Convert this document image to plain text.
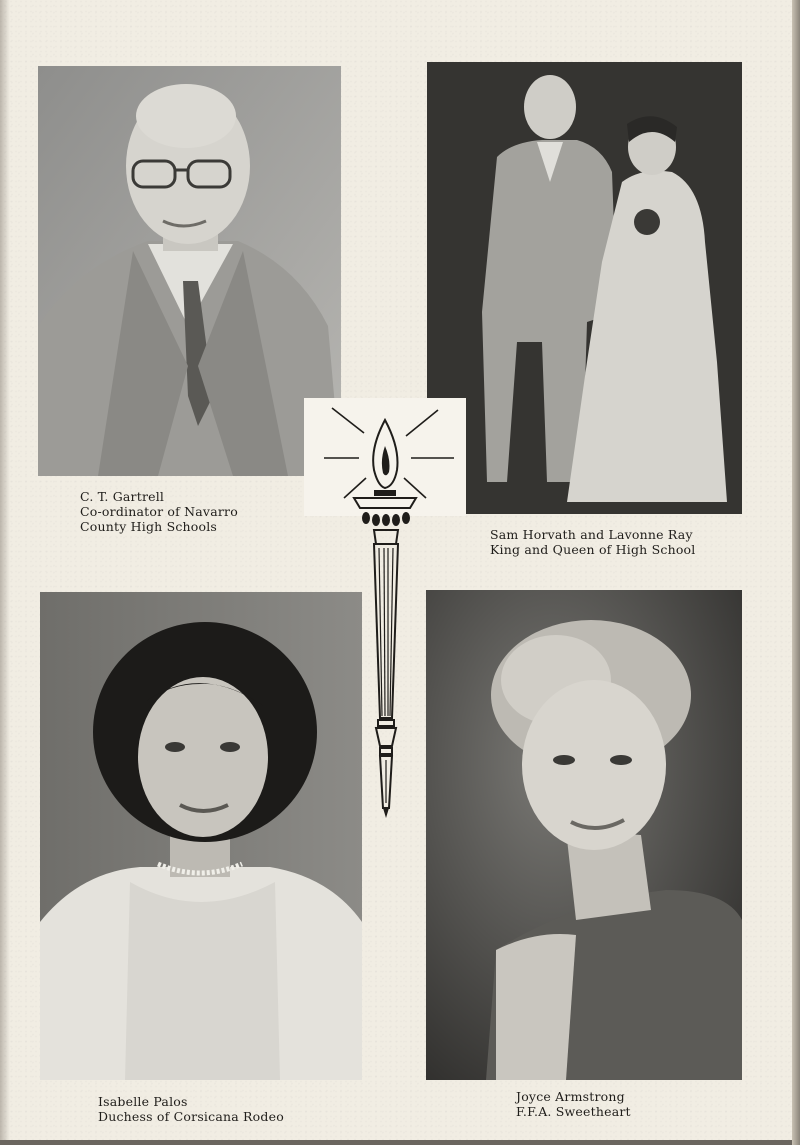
C. T. Gartrell
Co-ordinator of Navarro
County High Schools
Sam Horvath and Lavonne Ray
King and Queen of High School
Isabelle Palos
Duchess of Corsicana Rodeo
Joyce Armstrong
F.F.A. Sweetheart
